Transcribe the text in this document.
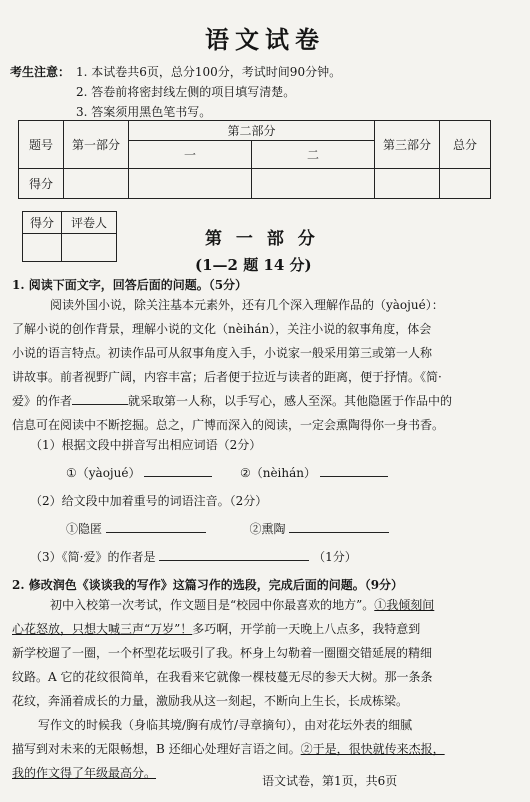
语文试卷
考生注意： 1. 本试卷共6页，总分100分，考试时间90分钟。
2. 答卷前将密封线左侧的项目填写清楚。
3. 答案须用黑色笔书写。
题号	第一部分	第二部分		第三部分	总分
		一	二		
得分					
得分	评卷人

第 一 部 分
(1—2 题 14 分)
1. 阅读下面文字，回答后面的问题。（5分）
阅读外国小说，除关注基本元素外，还有几个深入理解作品的（yàojué）：
了解小说的创作背景，理解小说的文化（nèihán），关注小说的叙事角度，体会
小说的语言特点。初读作品可从叙事角度入手，小说家一般采用第三或第一人称
讲故事。前者视野广阔，内容丰富；后者便于拉近与读者的距离，便于抒情。《简·
爱》的作者	就采取第一人称，以手写心，感人至深。其他隐匿于作品中的
信息可在阅读中不断挖掘。总之，广博而深入的阅读，一定会熏陶得你一身书香。
（1）根据文段中拼音写出相应词语（2分）
①（yàojué）	②（nèihán）
（2）给文段中加着重号的词语注音。（2分）
①隐匿	②熏陶
（3）《简·爱》的作者是	（1分）
2. 修改润色《谈谈我的写作》这篇习作的选段，完成后面的问题。（9分）
初中入校第一次考试，作文题目是“校园中你最喜欢的地方”。①我倾刻间
心花怒放，只想大喊三声“万岁”！多巧啊，开学前一天晚上八点多，我特意到
新学校遛了一圈，一个杯型花坛吸引了我。杯身上勾勒着一圈圈交错延展的精细
纹路。A 它的花纹很简单，在我看来它就像一棵枝蔓无尽的参天大树。那一条条
花纹，奔涌着成长的力量，激励我从这一刻起，不断向上生长，长成栋梁。
写作文的时候我（身临其境/胸有成竹/寻章摘句），由对花坛外表的细腻
描写到对未来的无限畅想，B 还细心处理好言语之间。②于是，很快就传来杰报，
我的作文得了年级最高分。
语文试卷，第1页，共6页
